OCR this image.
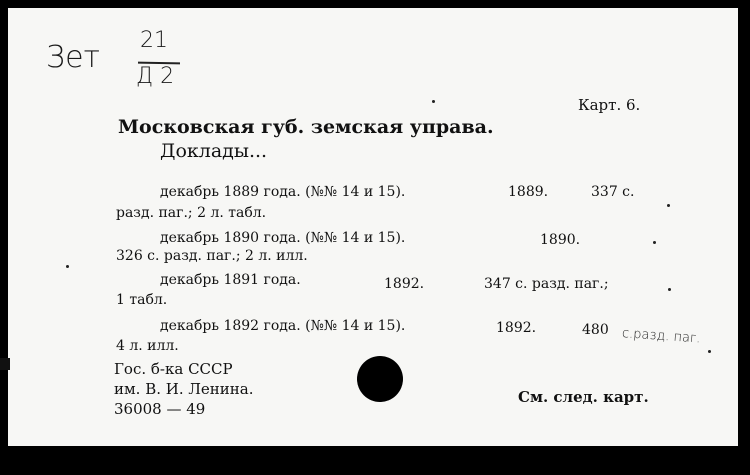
Зет 21
Д 2
Карт. 6.
Московская губ. земская управа.
Доклады...
декабрь 1889 года. (№№ 14 и 15).	1889.	337 с.
разд. паг.; 2 л. табл.
декабрь 1890 года. (№№ 14 и 15).	1890.
326 с. разд. паг.; 2 л. илл.
декабрь 1891 года.	1892.	347 с. разд. паг.;
1 табл.
декабрь 1892 года. (№№ 14 и 15).	1892.	480 с.разд. паг.
4 л. илл.
Гос. б-ка СССР
им. В. И. Ленина.
36008 — 49
См. след. карт.
